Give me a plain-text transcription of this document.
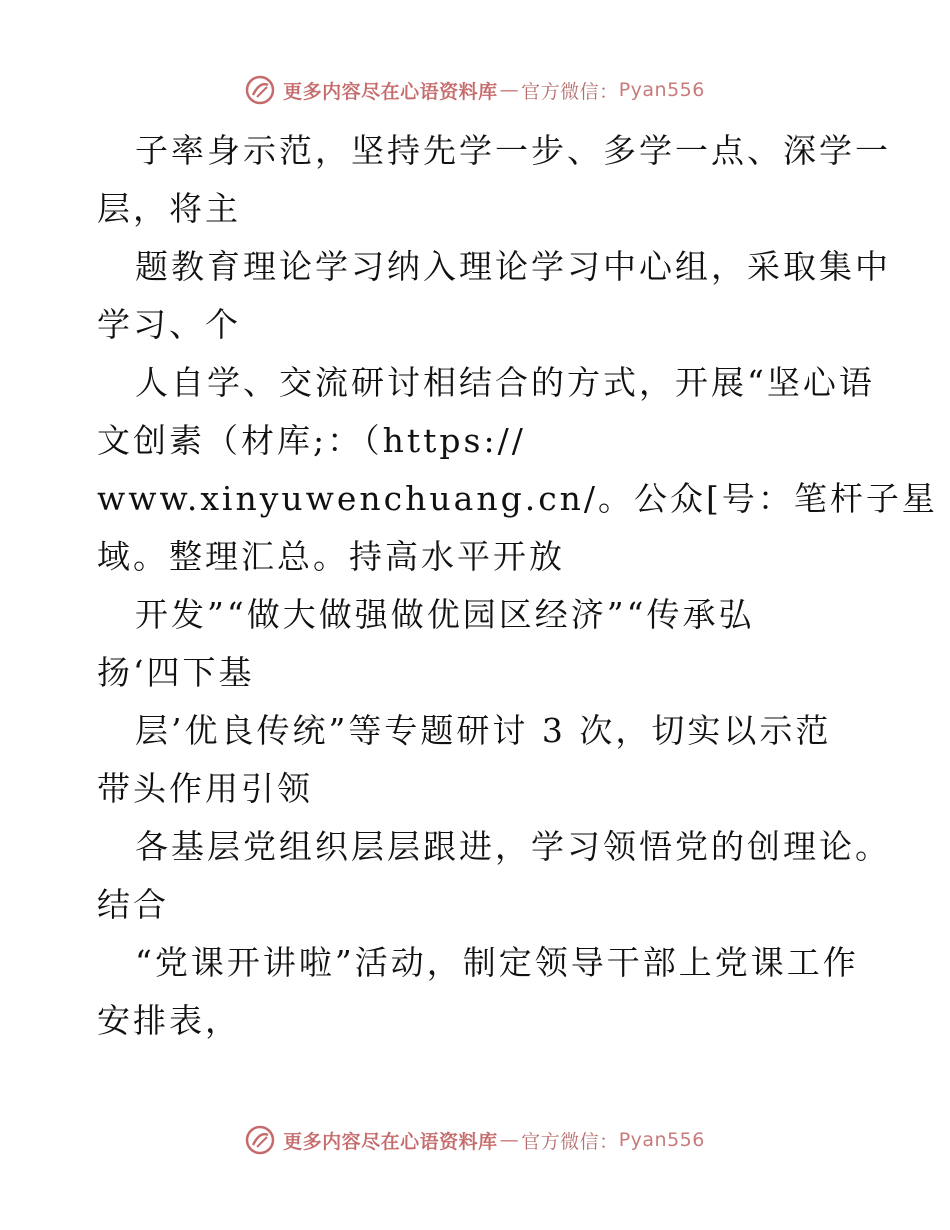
更多内容尽在心语资料库 — 官方微信： Pyan556
子率身示范，坚持先学一步、多学一点、深学一
层，将主
题教育理论学习纳入理论学习中心组，采取集中
学习、个
人自学、交流研讨相结合的方式，开展“坚心语
文创素（材库;：（https://
www.xinyuwenchuang.cn/。公众[号：笔杆子星
域。整理汇总。持高水平开放
开发”“做大做强做优园区经济”“传承弘
扬‘四下基
层’优良传统”等专题研讨 3 次，切实以示范
带头作用引领
各基层党组织层层跟进，学习领悟党的创理论。
结合
“党课开讲啦”活动，制定领导干部上党课工作
安排表，
更多内容尽在心语资料库 — 官方微信： Pyan556
